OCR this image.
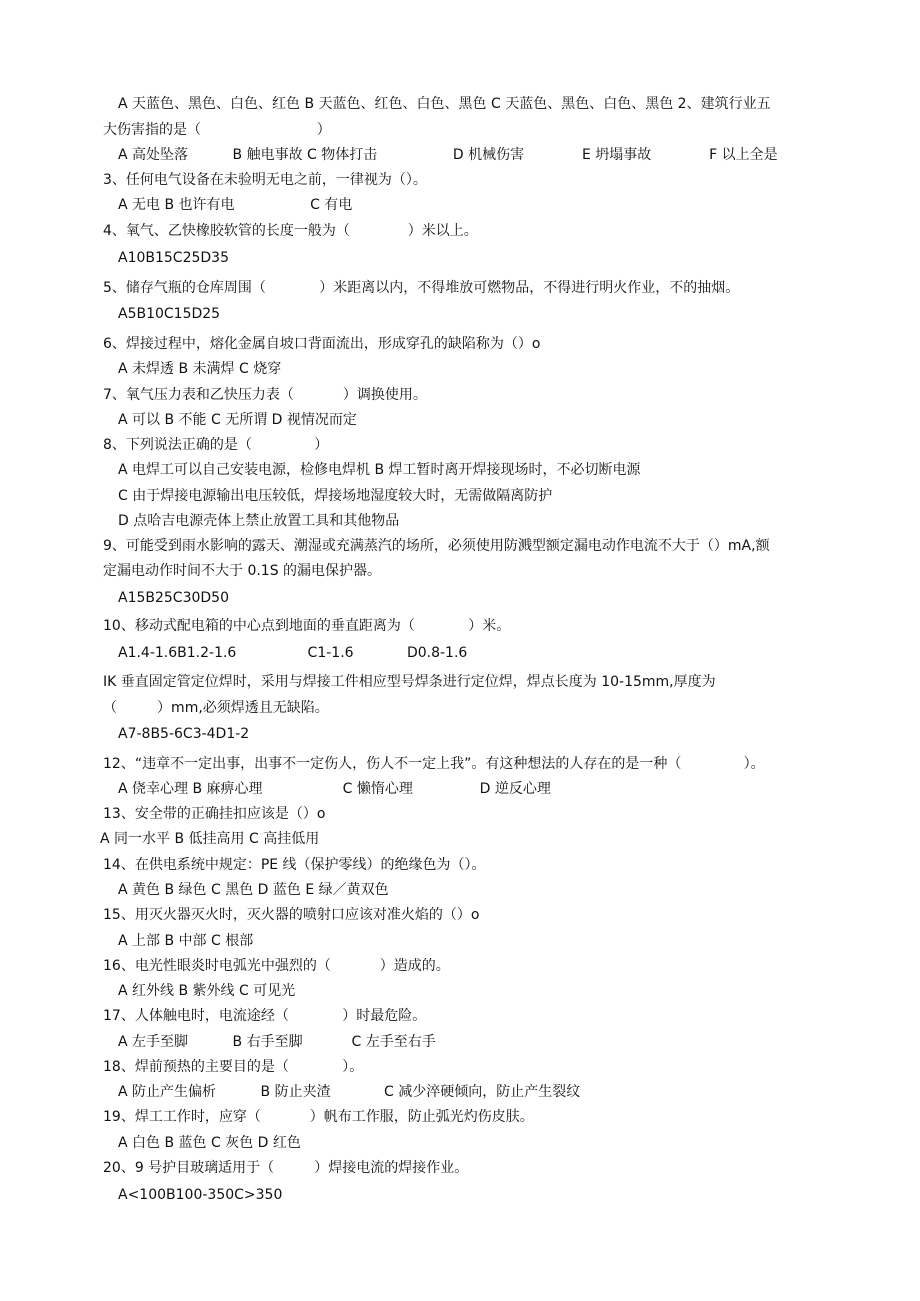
A 天蓝色、黑色、白色、红色 B 天蓝色、红色、白色、黑色 C 天蓝色、黑色、白色、黑色 2、建筑行业五
大伤害指的是（                          ）
A 高处坠落          B 触电事故 C 物体打击                 D 机械伤害             E 坍塌事故             F 以上全是
3、任何电气设备在未验明无电之前，一律视为（）。
A 无电 B 也许有电                 C 有电
4、氧气、乙快橡胶软管的长度一般为（             ）米以上。
A10B15C25D35
5、储存气瓶的仓库周围（            ）米距离以内，不得堆放可燃物品，不得进行明火作业，不的抽烟。
A5B10C15D25
6、焊接过程中，熔化金属自坡口背面流出，形成穿孔的缺陷称为（）o
A 未焊透 B 未满焊 C 烧穿
7、氧气压力表和乙快压力表（           ）调换使用。
A 可以 B 不能 C 无所谓 D 视情况而定
8、下列说法正确的是（              ）
A 电焊工可以自己安装电源，检修电焊机 B 焊工暂时离开焊接现场时，不必切断电源
C 由于焊接电源输出电压较低，焊接场地湿度较大时，无需做隔离防护
D 点哈吉电源壳体上禁止放置工具和其他物品
9、可能受到雨水影响的露天、潮湿或充满蒸汽的场所，必须使用防溅型额定漏电动作电流不大于（）mA,额
定漏电动作时间不大于 0.1S 的漏电保护器。
A15B25C30D50
10、移动式配电箱的中心点到地面的垂直距离为（            ）米。
A1.4-1.6B1.2-1.6                C1-1.6            D0.8-1.6
IK 垂直固定管定位焊时，采用与焊接工件相应型号焊条进行定位焊，焊点长度为 10-15mm,厚度为
（         ）mm,必须焊透且无缺陷。
A7-8B5-6C3-4D1-2
12、“违章不一定出事，出事不一定伤人，伤人不一定上我”。有这种想法的人存在的是一种（              ）。
A 侥幸心理 B 麻痹心理                  C 懒惰心理               D 逆反心理
13、安全带的正确挂扣应该是（）o
A 同一水平 B 低挂高用 C 高挂低用
14、在供电系统中规定：PE 线（保护零线）的绝缘色为（）。
A 黄色 B 绿色 C 黑色 D 蓝色 E 绿／黄双色
15、用灭火器灭火时，灭火器的喷射口应该对准火焰的（）o
A 上部 B 中部 C 根部
16、电光性眼炎时电弧光中强烈的（           ）造成的。
A 红外线 B 紫外线 C 可见光
17、人体触电时，电流途经（            ）时最危险。
A 左手至脚          B 右手至脚           C 左手至右手
18、焊前预热的主要目的是（            ）。
A 防止产生偏析          B 防止夹渣            C 减少淬硬倾向，防止产生裂纹
19、焊工工作时，应穿（           ）帆布工作服，防止弧光灼伤皮肤。
A 白色 B 蓝色 C 灰色 D 红色
20、9 号护目玻璃适用于（         ）焊接电流的焊接作业。
A<100B100-350C>350
